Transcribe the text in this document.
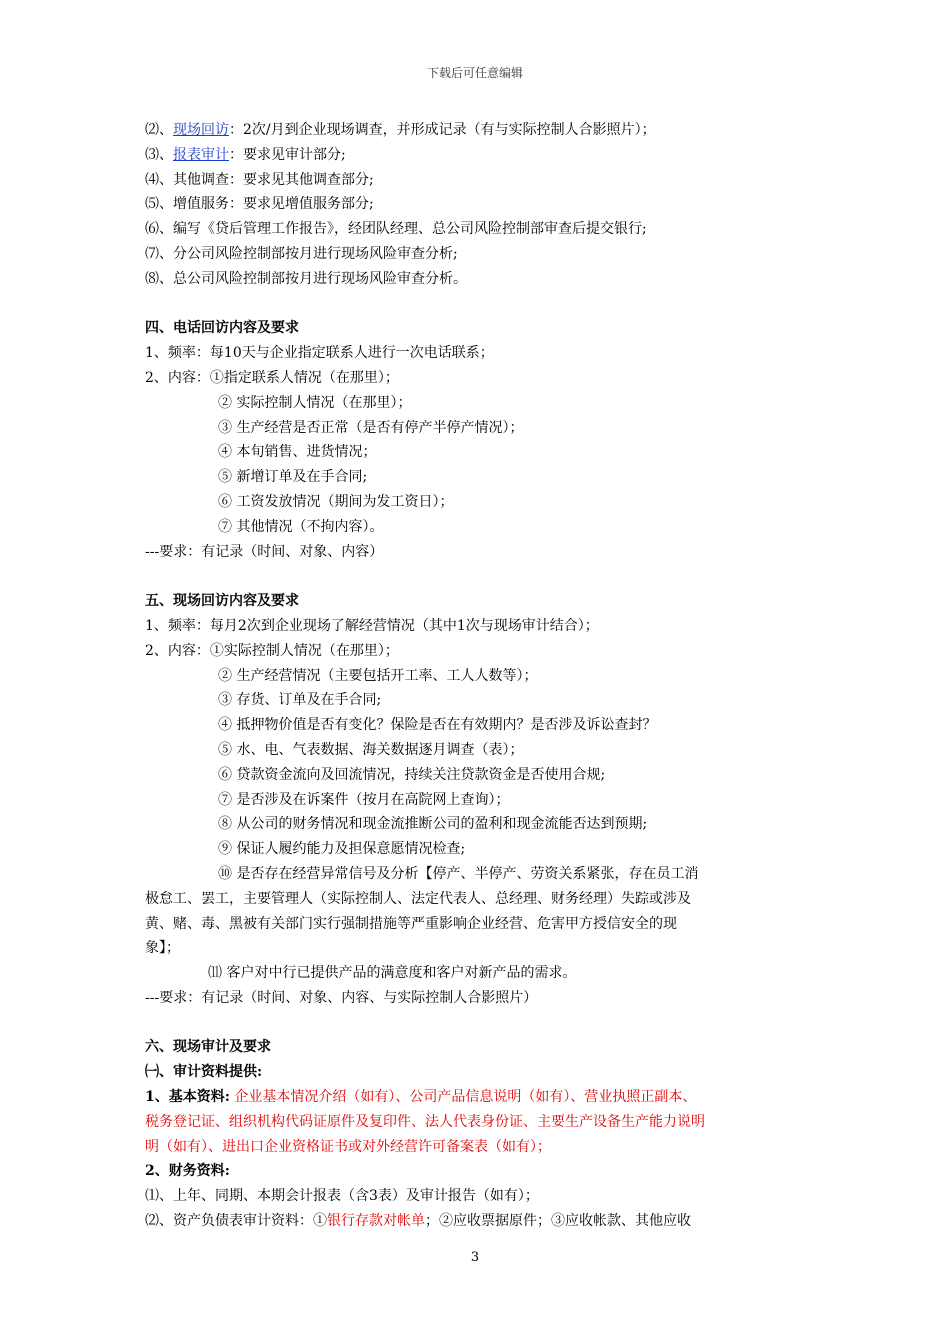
下载后可任意编辑
⑵、现场回访：2次/月到企业现场调查，并形成记录（有与实际控制人合影照片）；
⑶、报表审计：要求见审计部分;
⑷、其他调查：要求见其他调查部分;
⑸、增值服务：要求见增值服务部分;
⑹、编写《贷后管理工作报告》，经团队经理、总公司风险控制部审查后提交银行;
⑺、分公司风险控制部按月进行现场风险审查分析;
⑻、总公司风险控制部按月进行现场风险审查分析。
四、电话回访内容及要求
1、频率：每10天与企业指定联系人进行一次电话联系；
2、内容：①指定联系人情况（在那里）；
② 实际控制人情况（在那里）；
③ 生产经营是否正常（是否有停产半停产情况）；
④ 本旬销售、进货情况；
⑤ 新增订单及在手合同;
⑥ 工资发放情况（期间为发工资日）；
⑦ 其他情况（不拘内容）。
---要求：有记录（时间、对象、内容）
五、现场回访内容及要求
1、频率：每月2次到企业现场了解经营情况（其中1次与现场审计结合）；
2、内容：①实际控制人情况（在那里）；
② 生产经营情况（主要包括开工率、工人人数等）；
③ 存货、订单及在手合同;
④ 抵押物价值是否有变化？保险是否在有效期内？是否涉及诉讼查封？
⑤ 水、电、气表数据、海关数据逐月调查（表）；
⑥ 贷款资金流向及回流情况，持续关注贷款资金是否使用合规;
⑦ 是否涉及在诉案件（按月在高院网上查询）；
⑧ 从公司的财务情况和现金流推断公司的盈利和现金流能否达到预期;
⑨ 保证人履约能力及担保意愿情况检查;
⑩ 是否存在经营异常信号及分析【停产、半停产、劳资关系紧张，存在员工消
极怠工、罢工，主要管理人（实际控制人、法定代表人、总经理、财务经理）失踪或涉及
黄、赌、毒、黑被有关部门实行强制措施等严重影响企业经营、危害甲方授信安全的现
象】；
⑾ 客户对中行已提供产品的满意度和客户对新产品的需求。
---要求：有记录（时间、对象、内容、与实际控制人合影照片）
六、现场审计及要求
㈠、审计资料提供:
1、基本资料: 企业基本情况介绍（如有）、公司产品信息说明（如有）、营业执照正副本、
税务登记证、组织机构代码证原件及复印件、法人代表身份证、主要生产设备生产能力说明
明（如有）、进出口企业资格证书或对外经营许可备案表（如有）；
2、财务资料:
⑴、上年、同期、本期会计报表（含3表）及审计报告（如有）；
⑵、资产负债表审计资料：①银行存款对帐单；②应收票据原件；③应收帐款、其他应收
3
